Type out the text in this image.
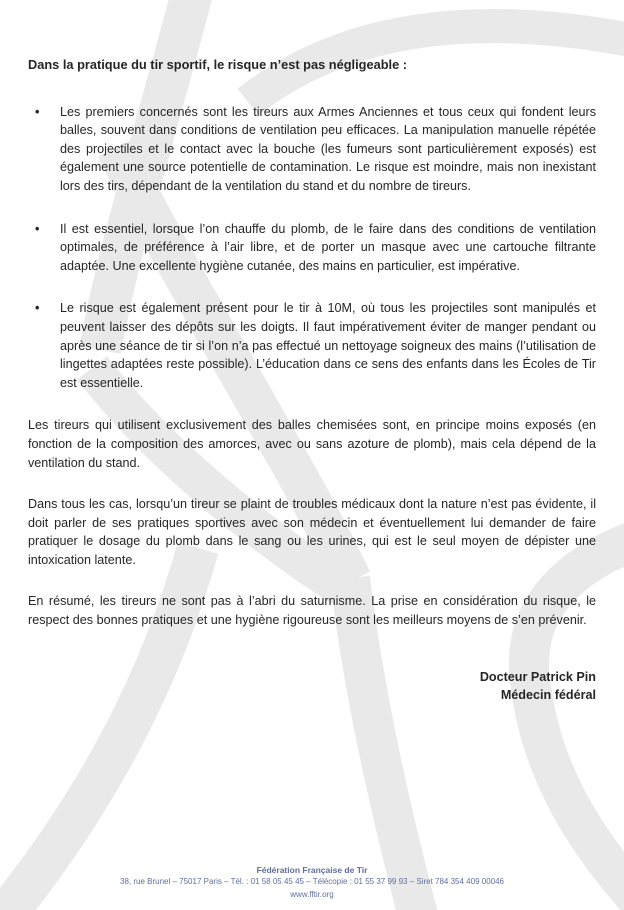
Dans la pratique du tir sportif, le risque n’est pas négligeable :

• Les premiers concernés sont les tireurs aux Armes Anciennes et tous ceux qui fondent leurs balles, souvent dans conditions de ventilation peu efficaces. La manipulation manuelle répétée des projectiles et le contact avec la bouche (les fumeurs sont particulièrement exposés) est également une source potentielle de contamination. Le risque est moindre, mais non inexistant lors des tirs, dépendant de la ventilation du stand et du nombre de tireurs.
• Il est essentiel, lorsque l’on chauffe du plomb, de le faire dans des conditions de ventilation optimales, de préférence à l’air libre, et de porter un masque avec une cartouche filtrante adaptée. Une excellente hygiène cutanée, des mains en particulier, est impérative.
• Le risque est également présent pour le tir à 10M, où tous les projectiles sont manipulés et peuvent laisser des dépôts sur les doigts. Il faut impérativement éviter de manger pendant ou après une séance de tir si l’on n’a pas effectué un nettoyage soigneux des mains (l’utilisation de lingettes adaptées reste possible). L’éducation dans ce sens des enfants dans les Écoles de Tir est essentielle.

Les tireurs qui utilisent exclusivement des balles chemisées sont, en principe moins exposés (en fonction de la composition des amorces, avec ou sans azoture de plomb), mais cela dépend de la ventilation du stand.

Dans tous les cas, lorsqu’un tireur se plaint de troubles médicaux dont la nature n’est pas évidente, il doit parler de ses pratiques sportives avec son médecin et éventuellement lui demander de faire pratiquer le dosage du plomb dans le sang ou les urines, qui est le seul moyen de dépister une intoxication latente.

En résumé, les tireurs ne sont pas à l’abri du saturnisme. La prise en considération du risque, le respect des bonnes pratiques et une hygiène rigoureuse sont les meilleurs moyens de s’en prévenir.

Docteur Patrick Pin
Médecin fédéral
Fédération Française de Tir
38, rue Brunel – 75017 Paris – Tél. : 01 58 05 45 45 – Télécopie : 01 55 37 99 93 – Siret 784 354 409 00046
www.fftir.org
